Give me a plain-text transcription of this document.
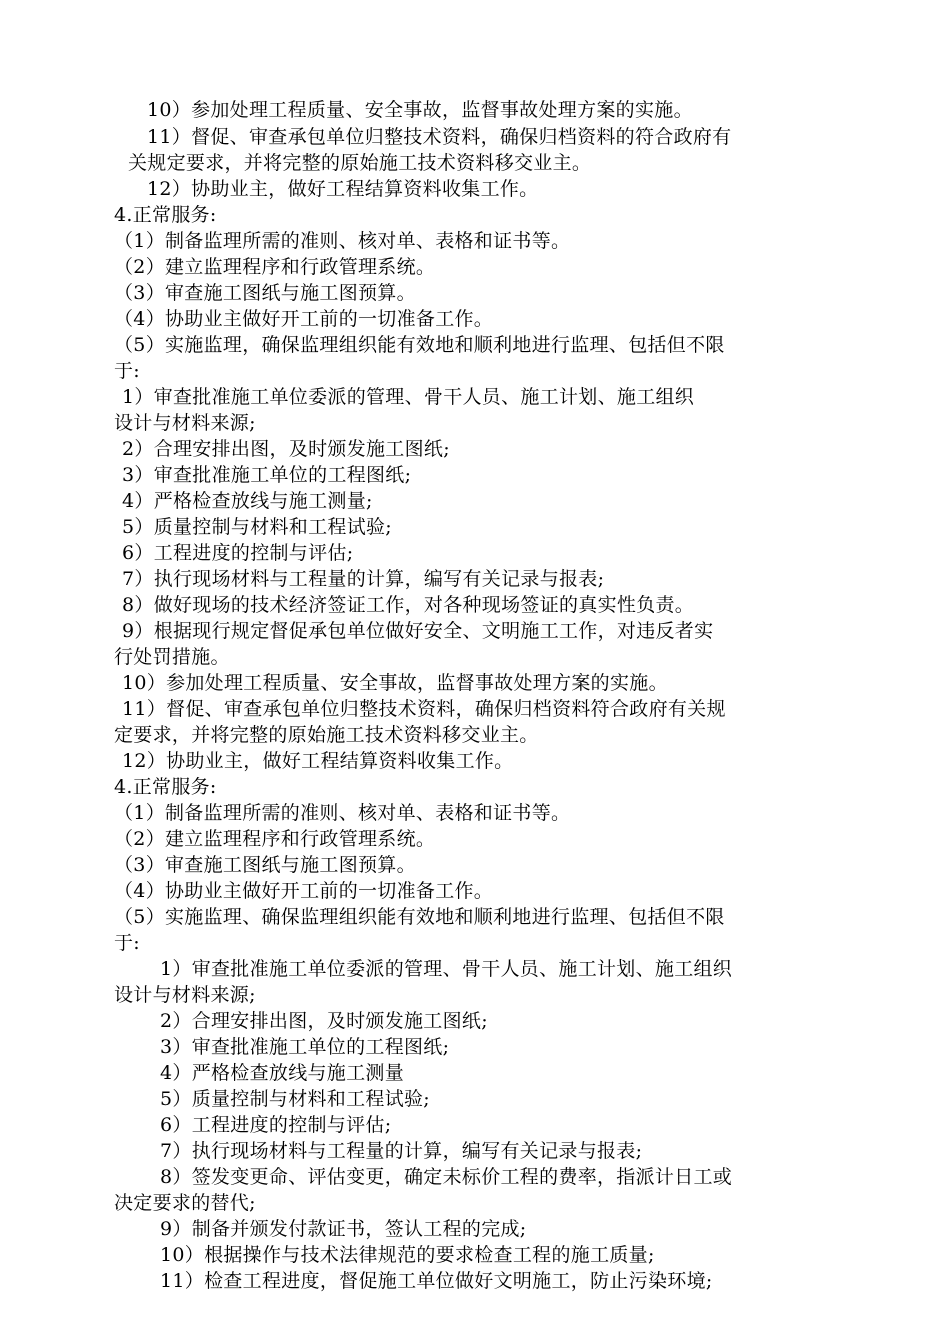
10）参加处理工程质量、安全事故，监督事故处理方案的实施。
11）督促、审查承包单位归整技术资料，确保归档资料的符合政府有
关规定要求，并将完整的原始施工技术资料移交业主。
12）协助业主，做好工程结算资料收集工作。
4.正常服务:
（1）制备监理所需的准则、核对单、表格和证书等。
（2）建立监理程序和行政管理系统。
（3）审查施工图纸与施工图预算。
（4）协助业主做好开工前的一切准备工作。
（5）实施监理，确保监理组织能有效地和顺利地进行监理、包括但不限
于:
1）审查批准施工单位委派的管理、骨干人员、施工计划、施工组织
设计与材料来源;
2）合理安排出图，及时颁发施工图纸;
3）审查批准施工单位的工程图纸;
4）严格检查放线与施工测量;
5）质量控制与材料和工程试验;
6）工程进度的控制与评估;
7）执行现场材料与工程量的计算，编写有关记录与报表;
8）做好现场的技术经济签证工作，对各种现场签证的真实性负责。
9）根据现行规定督促承包单位做好安全、文明施工工作，对违反者实
行处罚措施。
10）参加处理工程质量、安全事故，监督事故处理方案的实施。
11）督促、审查承包单位归整技术资料，确保归档资料符合政府有关规
定要求，并将完整的原始施工技术资料移交业主。
12）协助业主，做好工程结算资料收集工作。
4.正常服务:
（1）制备监理所需的准则、核对单、表格和证书等。
（2）建立监理程序和行政管理系统。
（3）审查施工图纸与施工图预算。
（4）协助业主做好开工前的一切准备工作。
（5）实施监理、确保监理组织能有效地和顺利地进行监理、包括但不限
于:
1）审查批准施工单位委派的管理、骨干人员、施工计划、施工组织
设计与材料来源;
2）合理安排出图，及时颁发施工图纸;
3）审查批准施工单位的工程图纸;
4）严格检查放线与施工测量
5）质量控制与材料和工程试验;
6）工程进度的控制与评估;
7）执行现场材料与工程量的计算，编写有关记录与报表;
8）签发变更命、评估变更，确定未标价工程的费率，指派计日工或
决定要求的替代;
9）制备并颁发付款证书，签认工程的完成;
10）根据操作与技术法律规范的要求检查工程的施工质量;
11）检查工程进度，督促施工单位做好文明施工，防止污染环境;
